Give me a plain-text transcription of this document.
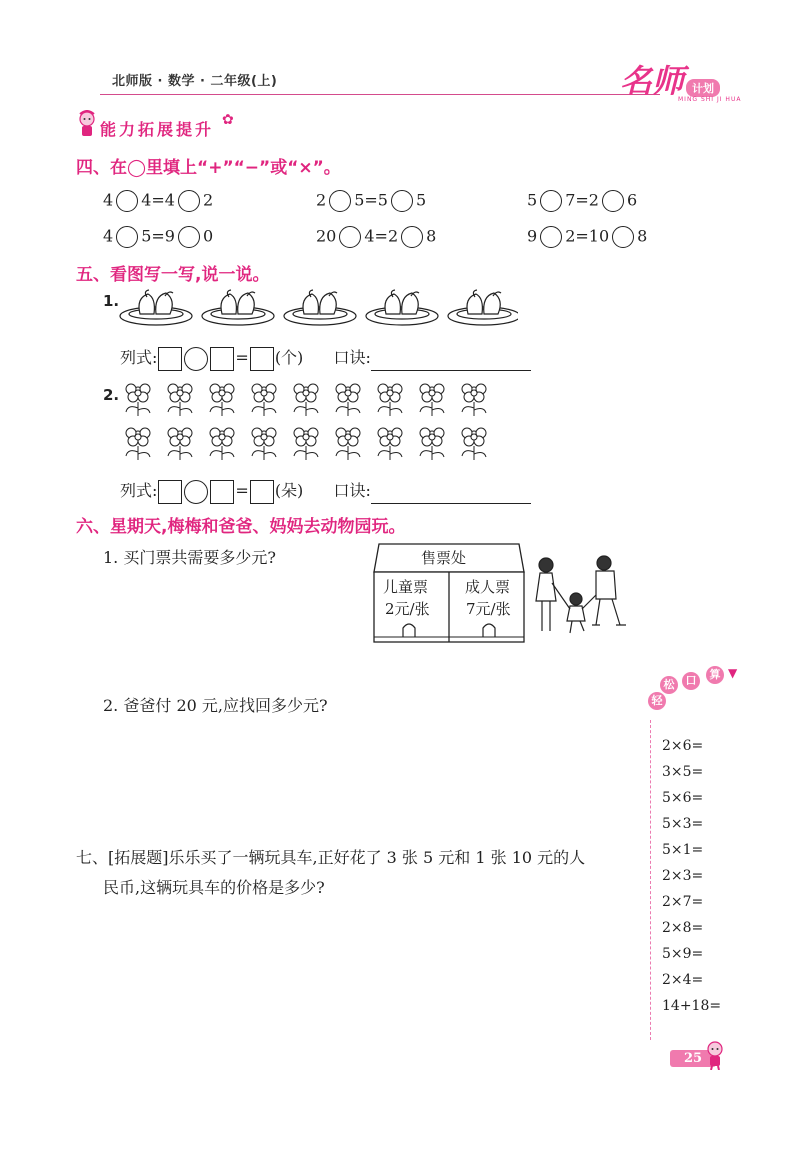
北师版 · 数学 · 二年级(上)	名师 计划
MING SHI JI HUA
能力拓展提升 ✿
四、在◯里填上“+”“−”或“×”。
4 4=4 2	2 5=5 5	5 7=2 6
4 5=9 0	20 4=2 8	9 2=10 8
五、看图写一写,说一说。
1.
列式:	= (个) 口诀:
2.
列式:	= (朵) 口诀:
六、星期天,梅梅和爸爸、妈妈去动物园玩。
1. 买门票共需要多少元?	售票处
儿童票
2元/张
成人票
7元/张
2. 爸爸付 20 元,应找回多少元?
七、[拓展题]乐乐买了一辆玩具车,正好花了 3 张 5 元和 1 张 10 元的人
民币,这辆玩具车的价格是多少?
轻
松	口	算 ▼
2×6=
3×5=
5×6=
5×3=
5×1=
2×3=
2×7=
2×8=
5×9=
2×4=
14+18=
25
